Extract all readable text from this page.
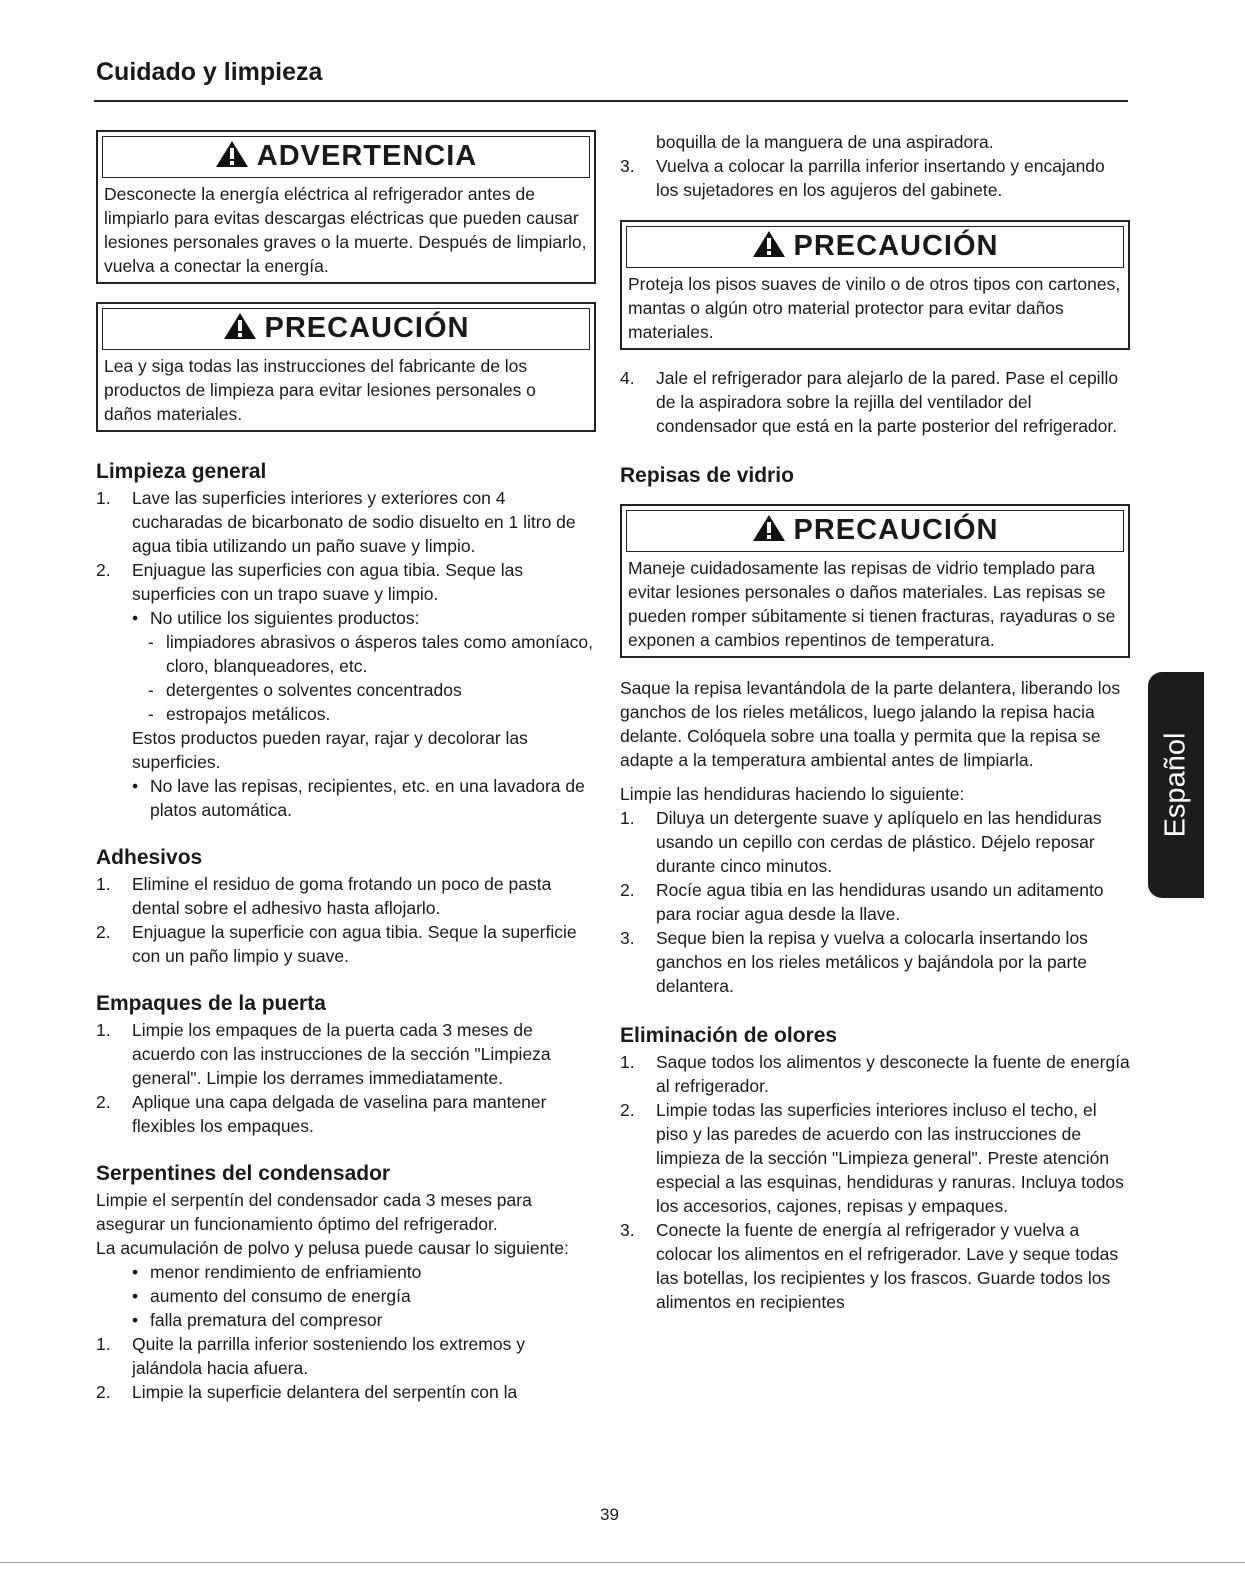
Cuidado y limpieza
ADVERTENCIA

Desconecte la energía eléctrica al refrigerador antes de limpiarlo para evitas descargas eléctricas que pueden causar lesiones personales graves o la muerte. Después de limpiarlo, vuelva a conectar la energía.

PRECAUCIÓN

Lea y siga todas las instrucciones del fabricante de los productos de limpieza para evitar lesiones personales o daños materiales.

Limpieza general
1.	Lave las superficies interiores y exteriores con 4 cucharadas de bicarbonato de sodio disuelto en 1 litro de agua tibia utilizando un paño suave y limpio.
2.	Enjuague las superficies con agua tibia. Seque las superficies con un trapo suave y limpio.
• No utilice los siguientes productos:
- limpiadores abrasivos o ásperos tales como amoníaco, cloro, blanqueadores, etc.
- detergentes o solventes concentrados
- estropajos metálicos.

Estos productos pueden rayar, rajar y decolorar las superficies.

• No lave las repisas, recipientes, etc. en una lavadora de platos automática.
Adhesivos
1.	Elimine el residuo de goma frotando un poco de pasta dental sobre el adhesivo hasta aflojarlo.
2.	Enjuague la superficie con agua tibia. Seque la superficie con un paño limpio y suave.
Empaques de la puerta
1.	Limpie los empaques de la puerta cada 3 meses de acuerdo con las instrucciones de la sección "Limpieza general". Limpie los derrames immediatamente.
2.	Aplique una capa delgada de vaselina para mantener flexibles los empaques.
Serpentines del condensador

Limpie el serpentín del condensador cada 3 meses para asegurar un funcionamiento óptimo del refrigerador.

La acumulación de polvo y pelusa puede causar lo siguiente:

• menor rendimiento de enfriamiento
• aumento del consumo de energía
• falla prematura del compresor
1.	Quite la parrilla inferior sosteniendo los extremos y jalándola hacia afuera.
2.	Limpie la superficie delantera del serpentín con la

boquilla de la manguera de una aspiradora.

3.	Vuelva a colocar la parrilla inferior insertando y encajando los sujetadores en los agujeros del gabinete.
PRECAUCIÓN

Proteja los pisos suaves de vinilo o de otros tipos con cartones, mantas o algún otro material protector para evitar daños materiales.

4.	Jale el refrigerador para alejarlo de la pared. Pase el cepillo de la aspiradora sobre la rejilla del ventilador del condensador que está en la parte posterior del refrigerador.
Repisas de vidrio
PRECAUCIÓN

Maneje cuidadosamente las repisas de vidrio templado para evitar lesiones personales o daños materiales. Las repisas se pueden romper súbitamente si tienen fracturas, rayaduras o se exponen a cambios repentinos de temperatura.

Saque la repisa levantándola de la parte delantera, liberando los ganchos de los rieles metálicos, luego jalando la repisa hacia delante. Colóquela sobre una toalla y permita que la repisa se adapte a la temperatura ambiental antes de limpiarla.

Limpie las hendiduras haciendo lo siguiente:

1.	Diluya un detergente suave y aplíquelo en las hendiduras usando un cepillo con cerdas de plástico. Déjelo reposar durante cinco minutos.
2.	Rocíe agua tibia en las hendiduras usando un aditamento para rociar agua desde la llave.
3.	Seque bien la repisa y vuelva a colocarla insertando los ganchos en los rieles metálicos y bajándola por la parte delantera.
Eliminación de olores
1.	Saque todos los alimentos y desconecte la fuente de energía al refrigerador.
2.	Limpie todas las superficies interiores incluso el techo, el piso y las paredes de acuerdo con las instrucciones de limpieza de la sección "Limpieza general". Preste atención especial a las esquinas, hendiduras y ranuras. Incluya todos los accesorios, cajones, repisas y empaques.
3.	Conecte la fuente de energía al refrigerador y vuelva a colocar los alimentos en el refrigerador. Lave y seque todas las botellas, los recipientes y los frascos. Guarde todos los alimentos en recipientes
Español
39
